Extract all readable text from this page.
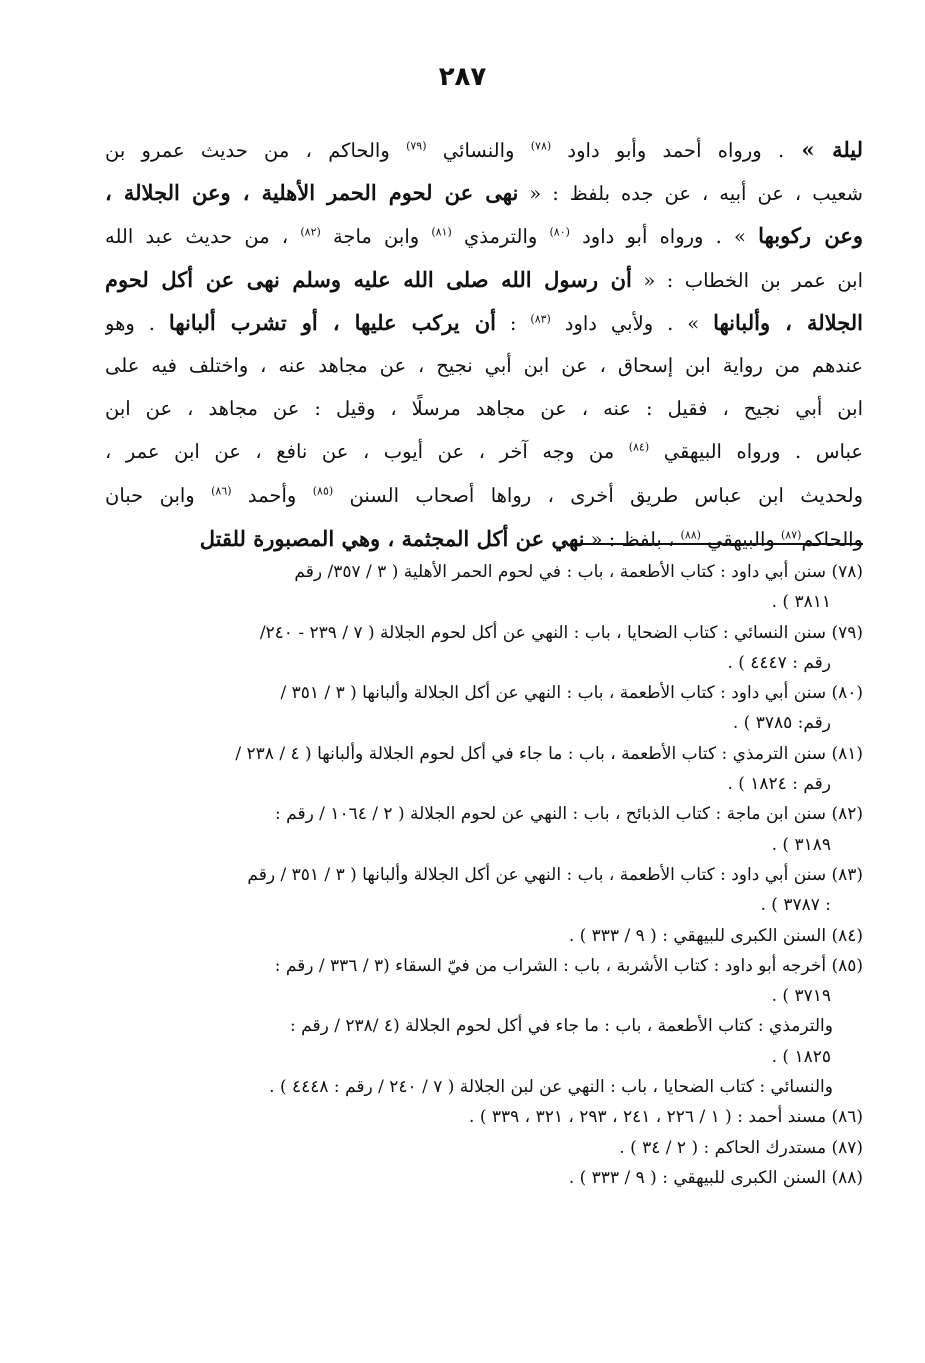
٢٨٧
ليلة » . ورواه أحمد وأبو داود $^{(٧٨)}$ والنسائي $^{(٧٩)}$ والحاكم ، من حديث عمرو بن
شعيب ، عن أبيه ، عن جده بلفظ : « نهى عن لحوم الحمر الأهلية ، وعن الجلالة ،
وعن ركوبها » . ورواه أبو داود $^{(٨٠)}$ والترمذي $^{(٨١)}$ وابن ماجة $^{(٨٢)}$ ، من حديث عبد الله
ابن عمر بن الخطاب : « أن رسول الله صلى الله عليه وسلم نهى عن أكل لحوم
الجلالة ، وألبانها » . ولأبي داود $^{(٨٣)}$ : أن يركب عليها ، أو تشرب ألبانها . وهو
عندهم من رواية ابن إسحاق ، عن ابن أبي نجيح ، عن مجاهد عنه ، واختلف فيه على
ابن أبي نجيح ، فقيل : عنه ، عن مجاهد مرسلًا ، وقيل : عن مجاهد ، عن ابن
عباس . ورواه البيهقي $^{(٨٤)}$ من وجه آخر ، عن أيوب ، عن نافع ، عن ابن عمر ،
ولحديث ابن عباس طريق أخرى ، رواها أصحاب السنن $^{(٨٥)}$ وأحمد $^{(٨٦)}$ وابن حبان
والحاكم$^{(٨٧)}$ والبيهقي $^{(٨٨)}$ ، بلفظ : « نهي عن أكل المجثمة ، وهي المصبورة للقتل
(٧٨) سنن أبي داود : كتاب الأطعمة ، باب : في لحوم الحمر الأهلية ( ٣ / ٣٥٧/ رقم
٣٨١١ ) .
(٧٩) سنن النسائي : كتاب الضحايا ، باب : النهي عن أكل لحوم الجلالة ( ٧ / ٢٣٩ - ٢٤٠/
رقم : ٤٤٤٧ ) .
(٨٠) سنن أبي داود : كتاب الأطعمة ، باب : النهي عن أكل الجلالة وألبانها ( ٣ / ٣٥١ /
رقم: ٣٧٨٥ ) .
(٨١) سنن الترمذي : كتاب الأطعمة ، باب : ما جاء في أكل لحوم الجلالة وألبانها ( ٤ / ٢٣٨ /
رقم : ١٨٢٤ ) .
(٨٢) سنن ابن ماجة : كتاب الذبائح ، باب : النهي عن لحوم الجلالة ( ٢ / ١٠٦٤ / رقم :
٣١٨٩ ) .
(٨٣) سنن أبي داود : كتاب الأطعمة ، باب : النهي عن أكل الجلالة وألبانها ( ٣ / ٣٥١ / رقم
: ٣٧٨٧ ) .
(٨٤) السنن الكبرى للبيهقي : ( ٩ / ٣٣٣ ) .
(٨٥) أخرجه أبو داود : كتاب الأشربة ، باب : الشراب من فيّ السقاء (٣ / ٣٣٦ / رقم :
٣٧١٩ ) .
والترمذي : كتاب الأطعمة ، باب : ما جاء في أكل لحوم الجلالة (٤ /٢٣٨ / رقم :
١٨٢٥ ) .
والنسائي : كتاب الضحايا ، باب : النهي عن لبن الجلالة ( ٧ / ٢٤٠ / رقم : ٤٤٤٨ ) .
(٨٦) مسند أحمد : ( ١ / ٢٢٦ ، ٢٤١ ، ٢٩٣ ، ٣٢١ ، ٣٣٩ ) .
(٨٧) مستدرك الحاكم : ( ٢ / ٣٤ ) .
(٨٨) السنن الكبرى للبيهقي : ( ٩ / ٣٣٣ ) .
